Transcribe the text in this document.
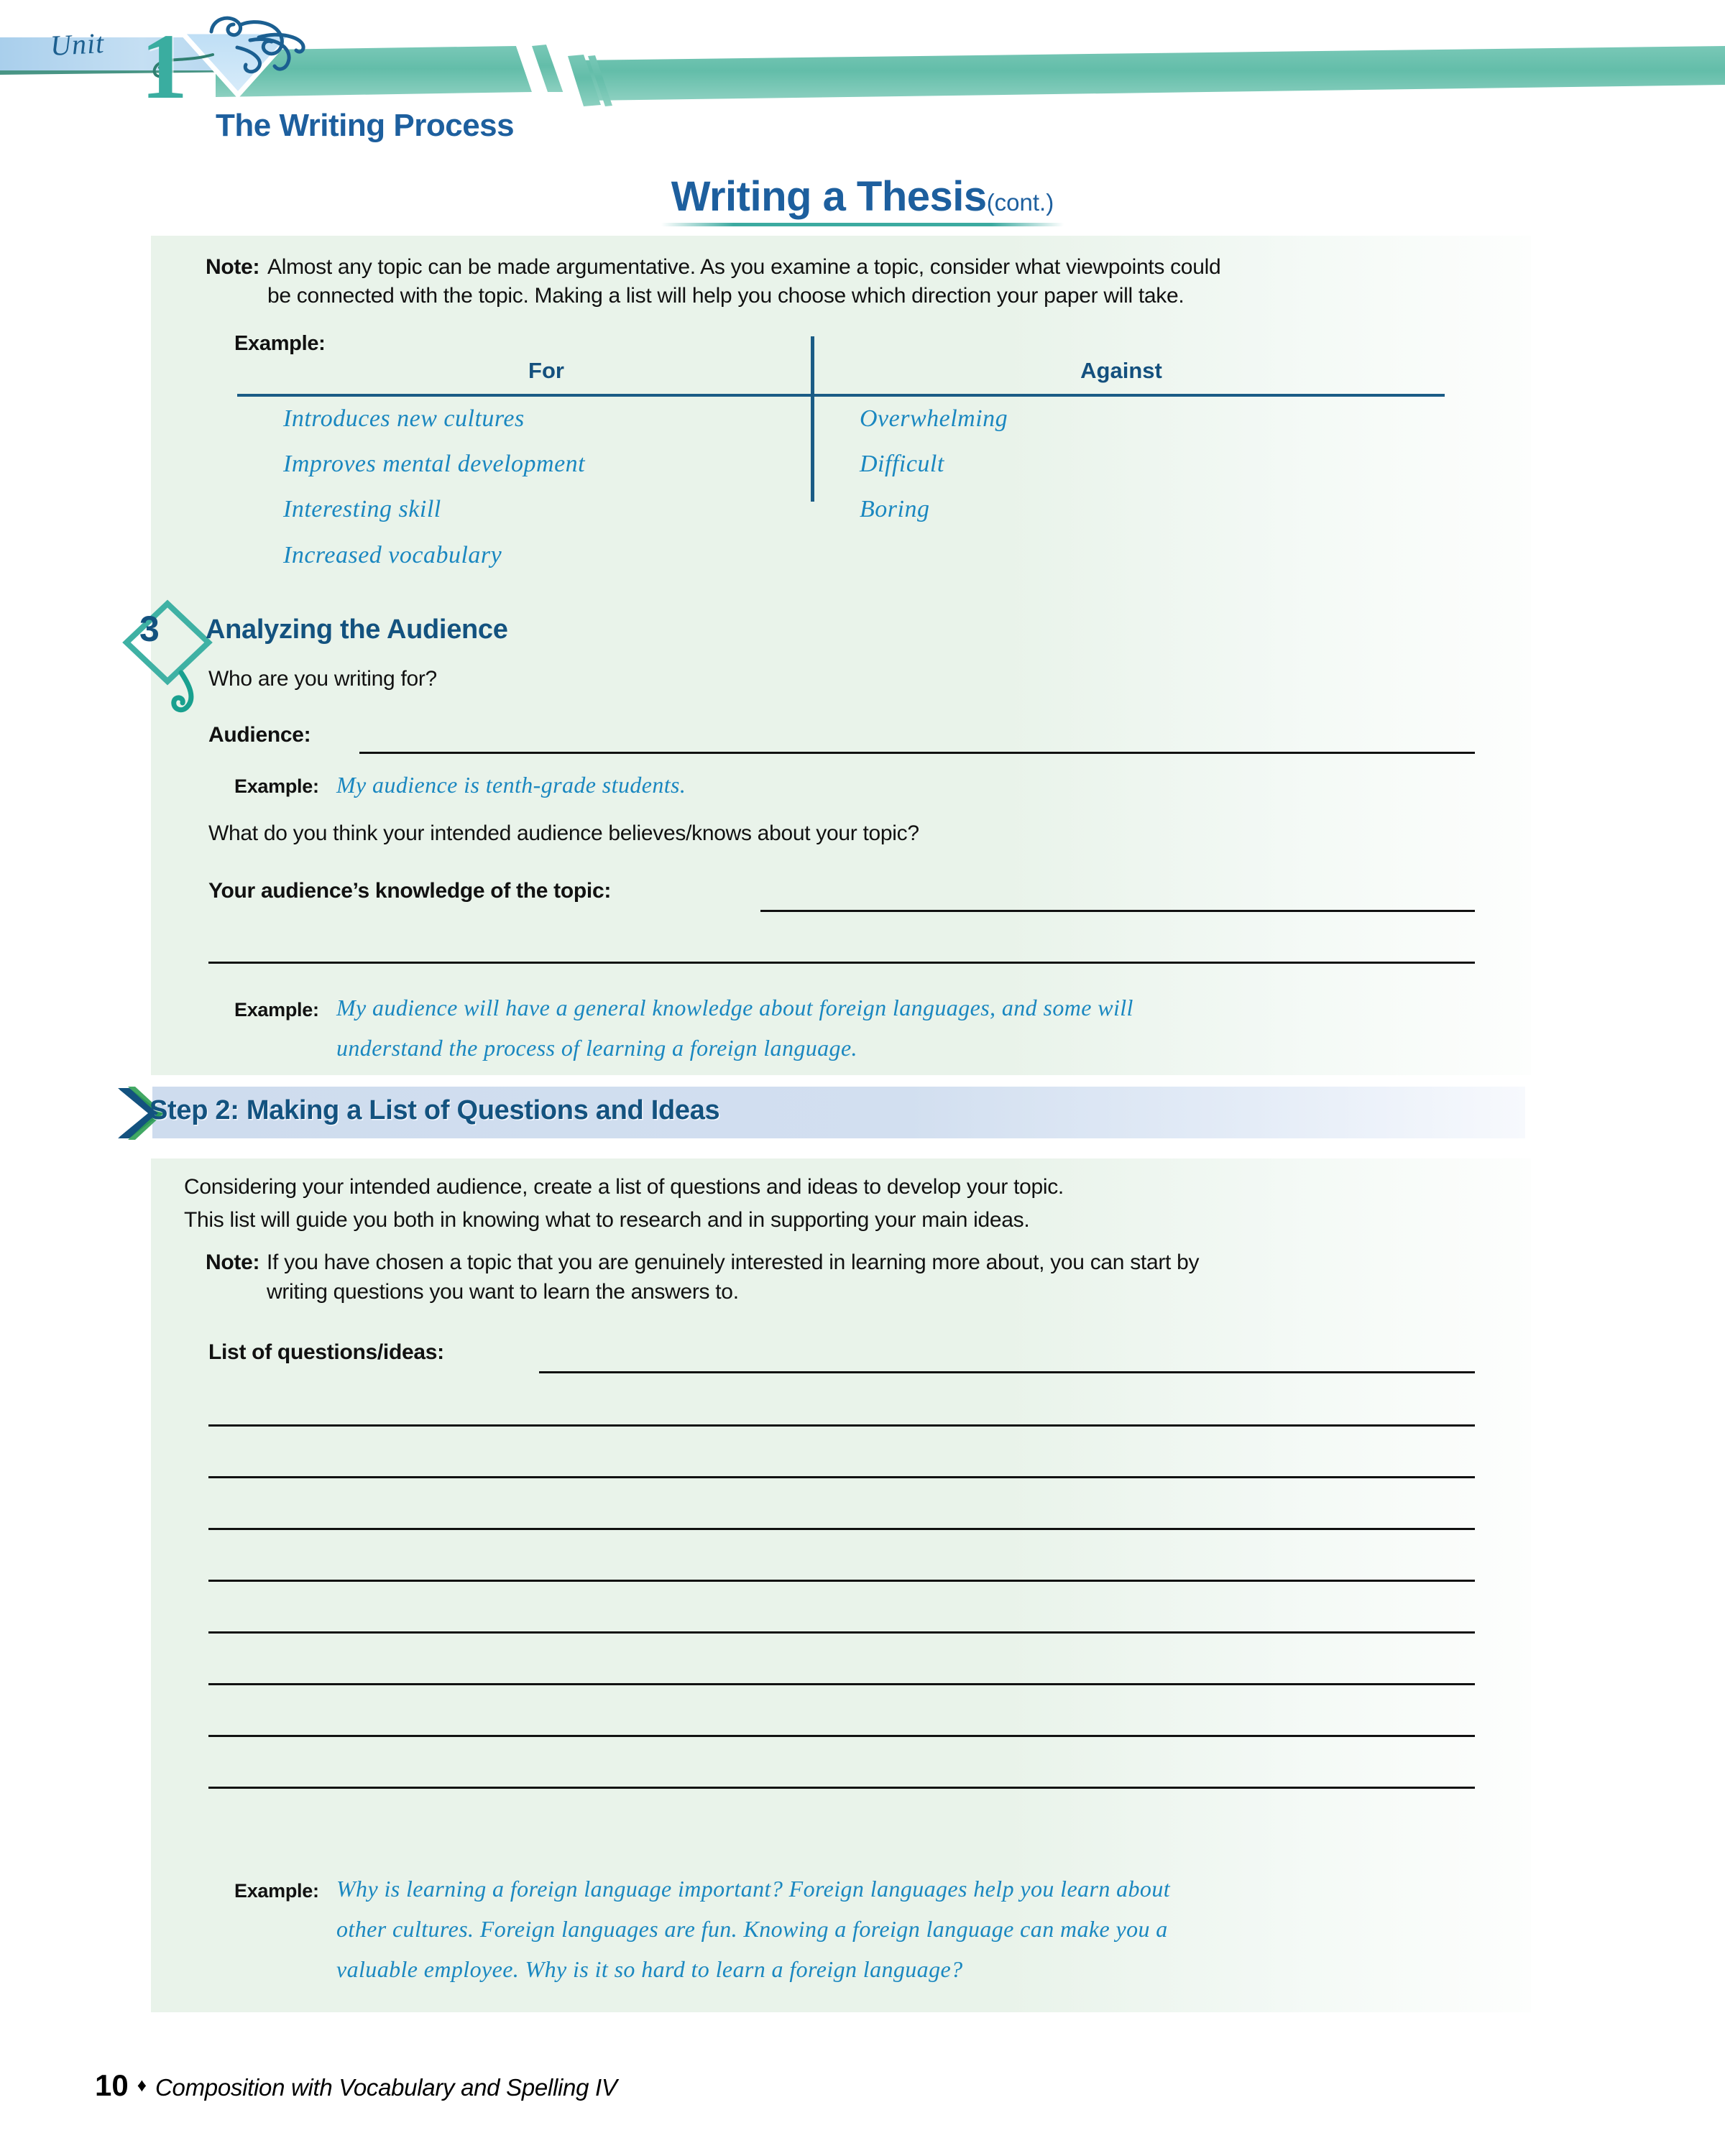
Unit 1
The Writing Process
Writing a Thesis(cont.)
Note: Almost any topic can be made argumentative. As you examine a topic, consider what viewpoints could
be connected with the topic. Making a list will help you choose which direction your paper will take.
Example:
For	Against
Introduces new cultures
Improves mental development
Interesting skill
Increased vocabulary
Overwhelming
Difficult
Boring
3 Analyzing the Audience
Who are you writing for?
Audience:
Example: My audience is tenth-grade students.
What do you think your intended audience believes/knows about your topic?
Your audience’s knowledge of the topic:
Example: My audience will have a general knowledge about foreign languages, and some will
understand the process of learning a foreign language.
Step 2: Making a List of Questions and Ideas
Considering your intended audience, create a list of questions and ideas to develop your topic.
This list will guide you both in knowing what to research and in supporting your main ideas.
Note: If you have chosen a topic that you are genuinely interested in learning more about, you can start by
writing questions you want to learn the answers to.
List of questions/ideas:
Example: Why is learning a foreign language important? Foreign languages help you learn about
other cultures. Foreign languages are fun. Knowing a foreign language can make you a
valuable employee. Why is it so hard to learn a foreign language?
10 ♦ Composition with Vocabulary and Spelling IV
